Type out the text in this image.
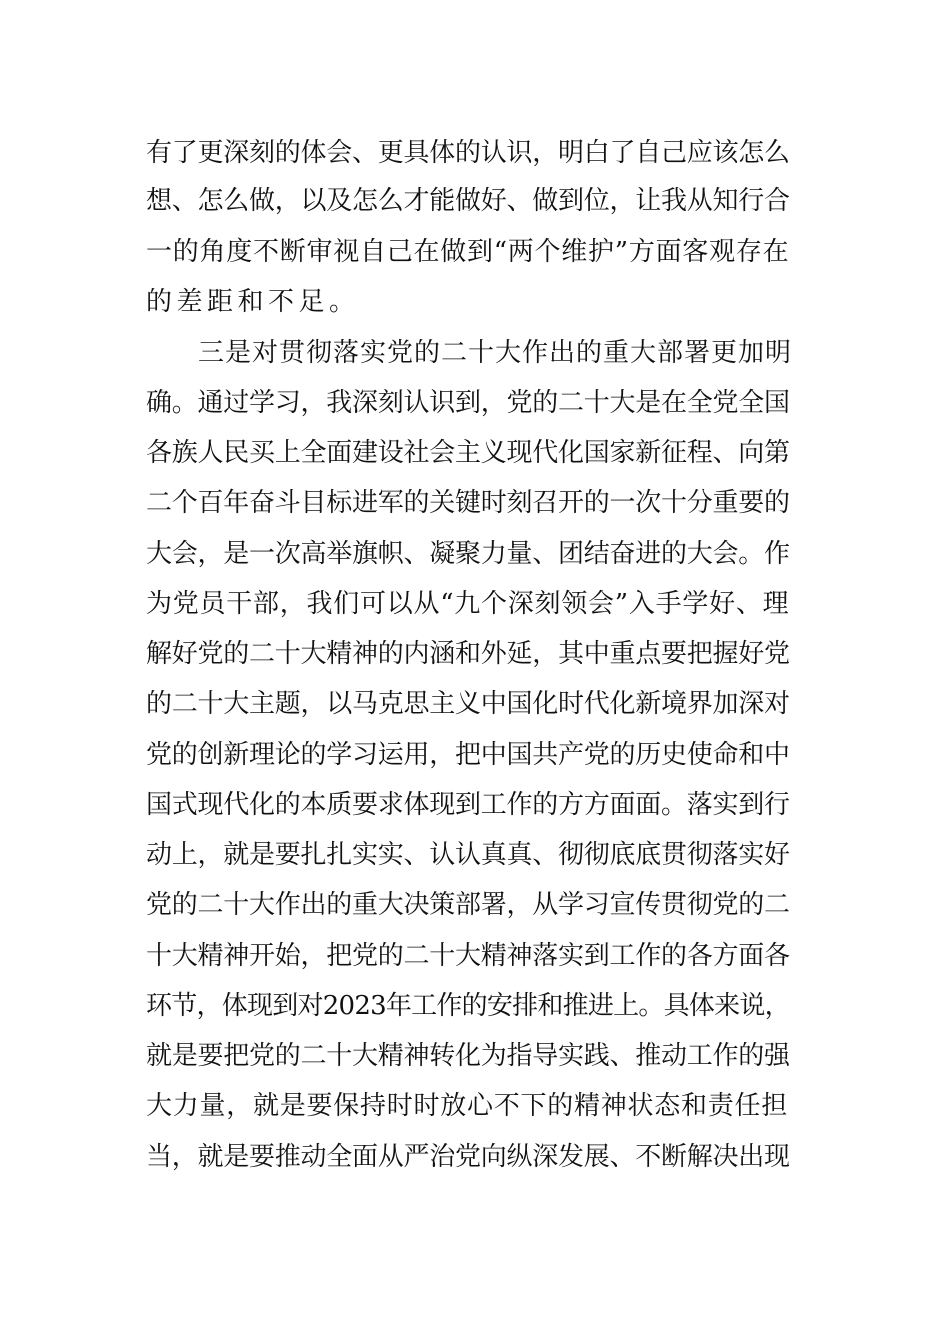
有了更深刻的体会、更具体的认识，明白了自己应该怎么
想、怎么做，以及怎么才能做好、做到位，让我从知行合
一的角度不断审视自己在做到“两个维护”方面客观存在
的差距和不足。
三是对贯彻落实党的二十大作出的重大部署更加明
确。通过学习，我深刻认识到，党的二十大是在全党全国
各族人民买上全面建设社会主义现代化国家新征程、向第
二个百年奋斗目标进军的关键时刻召开的一次十分重要的
大会，是一次高举旗帜、凝聚力量、团结奋进的大会。作
为党员干部，我们可以从“九个深刻领会”入手学好、理
解好党的二十大精神的内涵和外延，其中重点要把握好党
的二十大主题，以马克思主义中国化时代化新境界加深对
党的创新理论的学习运用，把中国共产党的历史使命和中
国式现代化的本质要求体现到工作的方方面面。落实到行
动上，就是要扎扎实实、认认真真、彻彻底底贯彻落实好
党的二十大作出的重大决策部署，从学习宣传贯彻党的二
十大精神开始，把党的二十大精神落实到工作的各方面各
环节，体现到对2023年工作的安排和推进上。具体来说，
就是要把党的二十大精神转化为指导实践、推动工作的强
大力量，就是要保持时时放心不下的精神状态和责任担
当，就是要推动全面从严治党向纵深发展、不断解决出现
